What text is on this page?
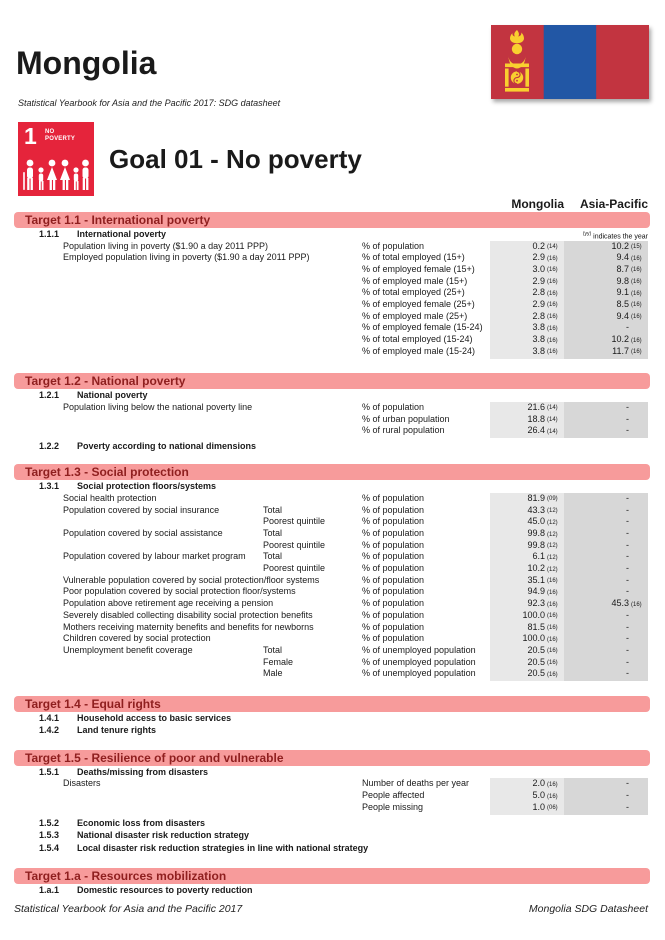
Mongolia
Statistical Yearbook for Asia and the Pacific 2017: SDG datasheet
1 NO
POVERTY
Goal 01 - No poverty
Mongolia Asia-Pacific
Target 1.1 - International poverty
1.1.1	International poverty	$^{(yy)}$ indicates the year
Population living in poverty ($1.90 a day 2011 PPP)	% of population	0.2 (14)	10.2 (15)
Employed population living in poverty ($1.90 a day 2011 PPP)	% of total employed (15+)	2.9 (16)	9.4 (16)
% of employed female (15+)	3.0 (16)	8.7 (16)
% of employed male (15+)	2.9 (16)	9.8 (16)
% of total employed (25+)	2.8 (16)	9.1 (16)
% of employed female (25+)	2.9 (16)	8.5 (16)
% of employed male (25+)	2.8 (16)	9.4 (16)
% of employed female (15-24)	3.8 (16)	-
% of total employed (15-24)	3.8 (16)	10.2 (16)
% of employed male (15-24)	3.8 (16)	11.7 (16)
Target 1.2 - National poverty
1.2.1	National poverty
Population living below the national poverty line	% of population	21.6 (14)	-
% of urban population	18.8 (14)	-
% of rural population	26.4 (14)	-
1.2.2	Poverty according to national dimensions
Target 1.3 - Social protection
1.3.1	Social protection floors/systems
Social health protection	% of population	81.9 (09)	-
Population covered by social insurance	Total	% of population	43.3 (12)	-
Poorest quintile	% of population	45.0 (12)	-
Population covered by social assistance	Total	% of population	99.8 (12)	-
Poorest quintile	% of population	99.8 (12)	-
Population covered by labour market program	Total	% of population	6.1 (12)	-
Poorest quintile	% of population	10.2 (12)	-
Vulnerable population covered by social protection/floor systems	% of population	35.1 (16)	-
Poor population covered by social protection floor/systems	% of population	94.9 (16)	-
Population above retirement age receiving a pension	% of population	92.3 (16)	45.3 (16)
Severely disabled collecting disability social protection benefits	% of population	100.0 (16)	-
Mothers receiving maternity benefits and benefits for newborns	% of population	81.5 (16)	-
Children covered by social protection	% of population	100.0 (16)	-
Unemployment benefit coverage	Total	% of unemployed population	20.5 (16)	-
Female	% of unemployed population	20.5 (16)	-
Male	% of unemployed population	20.5 (16)	-
Target 1.4 - Equal rights
1.4.1	Household access to basic services
1.4.2	Land tenure rights
Target 1.5 - Resilience of poor and vulnerable
1.5.1	Deaths/missing from disasters
Disasters	Number of deaths per year	2.0 (16)	-
People affected	5.0 (16)	-
People missing	1.0 (06)	-
1.5.2	Economic loss from disasters
1.5.3	National disaster risk reduction strategy
1.5.4	Local disaster risk reduction strategies in line with national strategy
Target 1.a - Resources mobilization
1.a.1	Domestic resources to poverty reduction
Statistical Yearbook for Asia and the Pacific 2017	Mongolia SDG Datasheet
